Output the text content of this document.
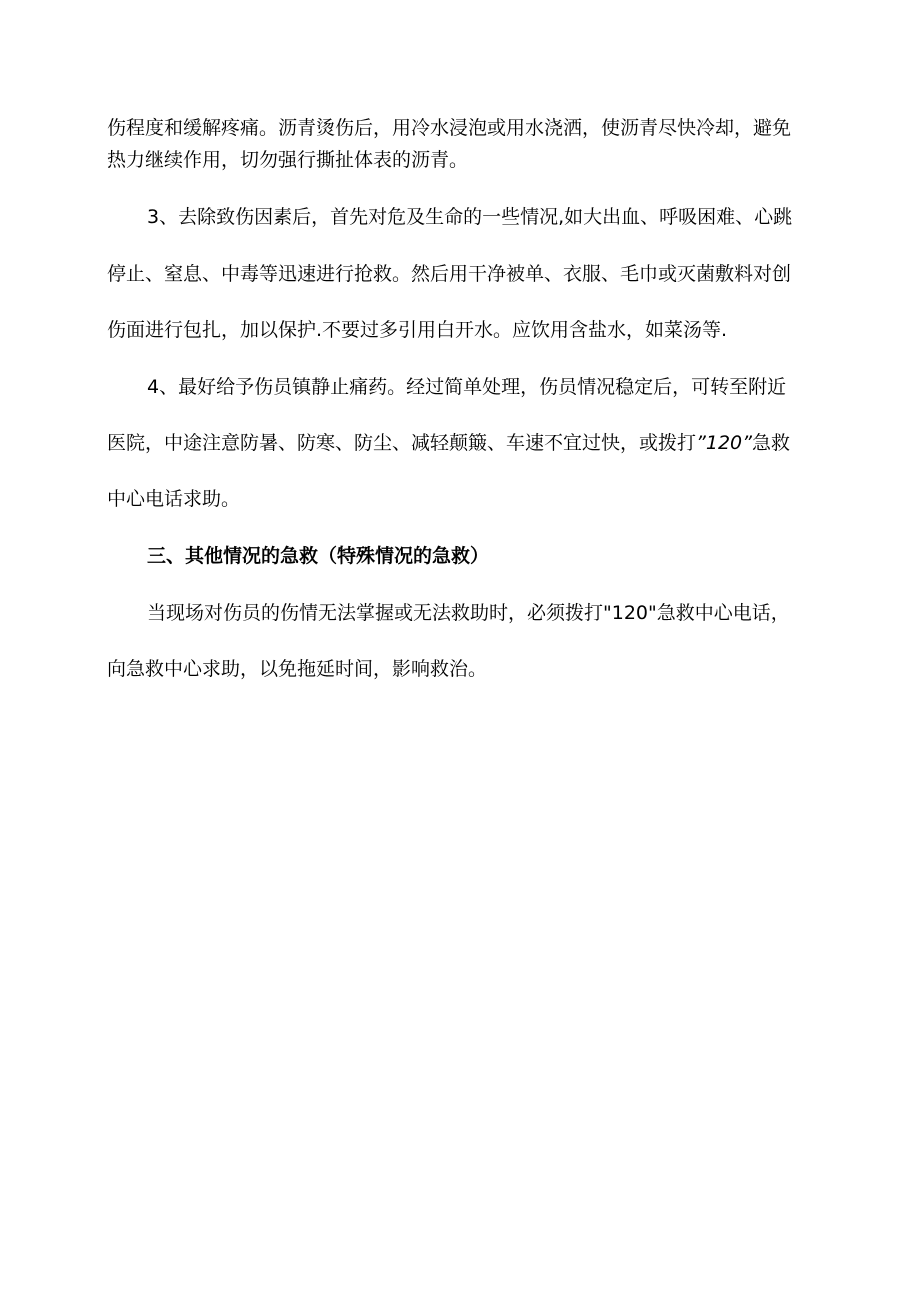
伤程度和缓解疼痛。沥青烫伤后，用冷水浸泡或用水浇洒，使沥青尽快冷却，避免
热力继续作用，切勿强行撕扯体表的沥青。
3、去除致伤因素后，首先对危及生命的一些情况,如大出血、呼吸困难、心跳
停止、窒息、中毒等迅速进行抢救。然后用干净被单、衣服、毛巾或灭菌敷料对创
伤面进行包扎，加以保护.不要过多引用白开水。应饮用含盐水，如菜汤等.
4、最好给予伤员镇静止痛药。经过简单处理，伤员情况稳定后，可转至附近
医院，中途注意防暑、防寒、防尘、减轻颠簸、车速不宜过快，或拨打”120”急救
中心电话求助。
三、其他情况的急救（特殊情况的急救）
当现场对伤员的伤情无法掌握或无法救助时，必须拨打"120"急救中心电话，
向急救中心求助，以免拖延时间，影响救治。
